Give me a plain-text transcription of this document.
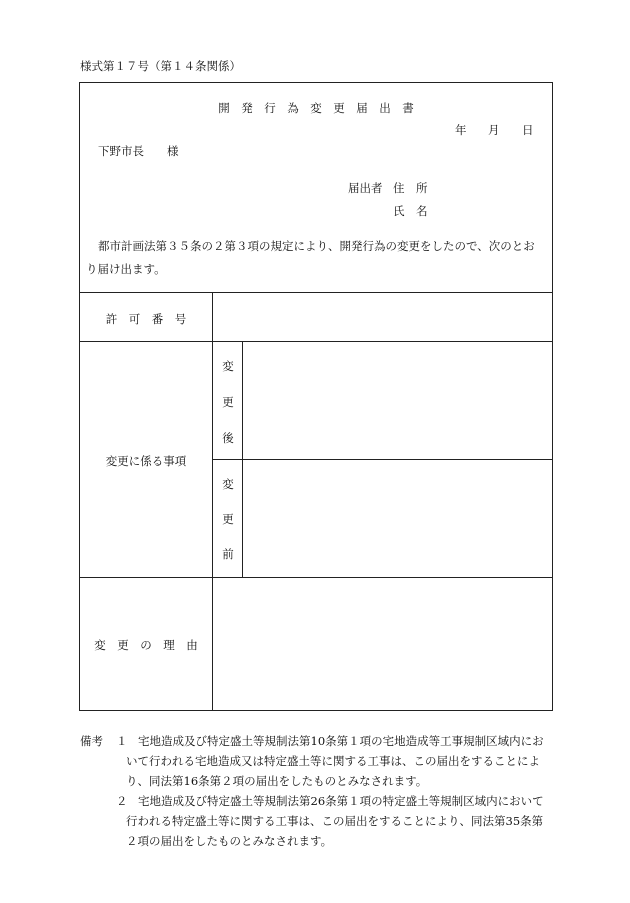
様式第１７号（第１４条関係）
開　発　行　為　変　更　届　出　書
年 月 日
下野市長　　様
届出者 住　所
氏　名
都市計画法第３５条の２第３項の規定により、開発行為の変更をしたので、次のとお
り届け出ます。
許　可　番　号
変更に係る事項
変
更
後
変
更
前
変　更　の　理　由
備考 １ 宅地造成及び特定盛土等規制法第10条第１項の宅地造成等工事規制区域内にお
いて行われる宅地造成又は特定盛土等に関する工事は、この届出をすることによ
り、同法第16条第２項の届出をしたものとみなされます。
２ 宅地造成及び特定盛土等規制法第26条第１項の特定盛土等規制区域内において
行われる特定盛土等に関する工事は、この届出をすることにより、同法第35条第
２項の届出をしたものとみなされます。
